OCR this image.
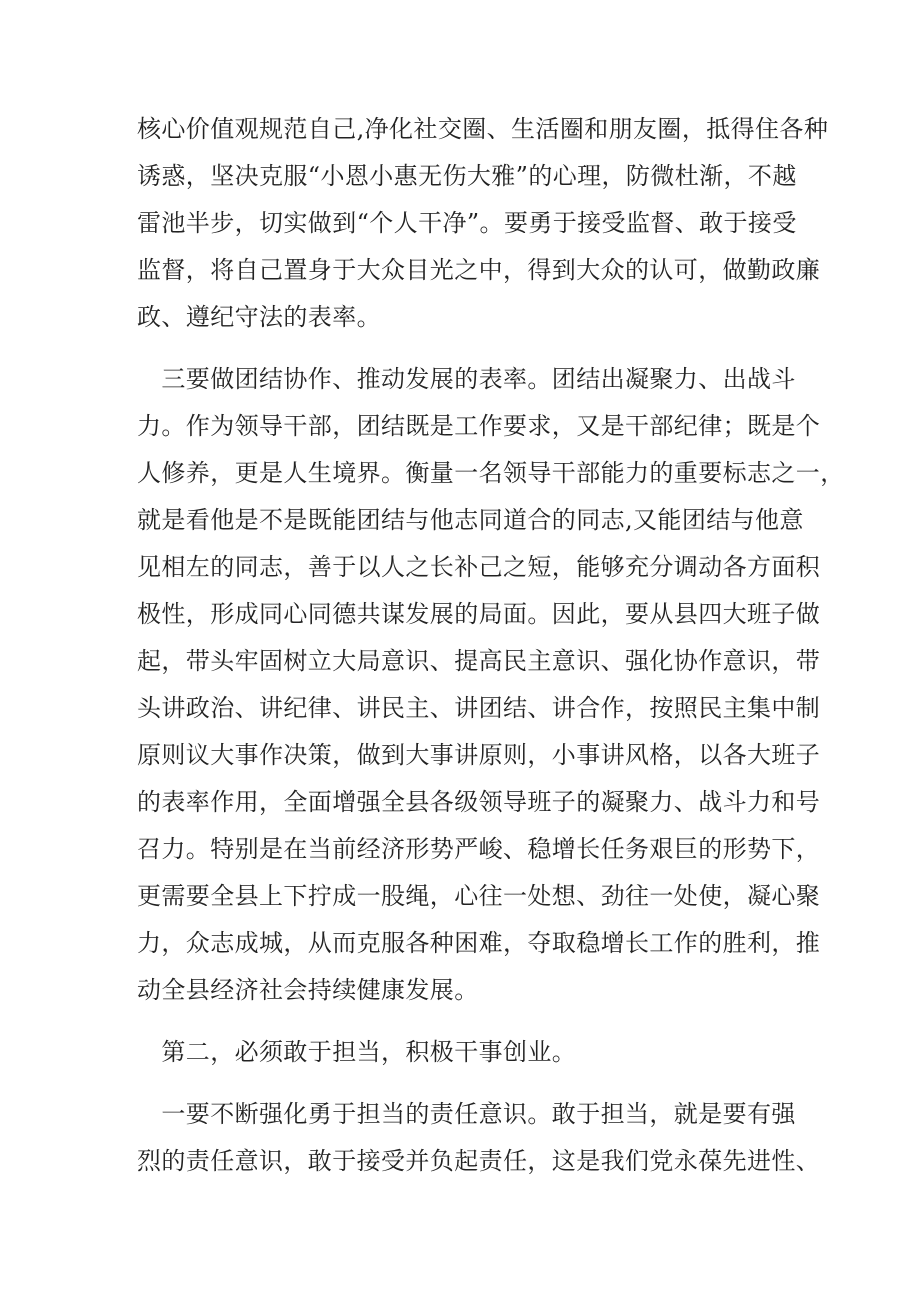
核心价值观规范自己,净化社交圈、生活圈和朋友圈，抵得住各种
诱惑，坚决克服“小恩小惠无伤大雅”的心理，防微杜渐，不越
雷池半步，切实做到“个人干净”。要勇于接受监督、敢于接受
监督，将自己置身于大众目光之中，得到大众的认可，做勤政廉
政、遵纪守法的表率。
　三要做团结协作、推动发展的表率。团结出凝聚力、出战斗
力。作为领导干部，团结既是工作要求，又是干部纪律；既是个
人修养，更是人生境界。衡量一名领导干部能力的重要标志之一，
就是看他是不是既能团结与他志同道合的同志,又能团结与他意
见相左的同志，善于以人之长补己之短，能够充分调动各方面积
极性，形成同心同德共谋发展的局面。因此，要从县四大班子做
起，带头牢固树立大局意识、提高民主意识、强化协作意识，带
头讲政治、讲纪律、讲民主、讲团结、讲合作，按照民主集中制
原则议大事作决策，做到大事讲原则，小事讲风格，以各大班子
的表率作用，全面增强全县各级领导班子的凝聚力、战斗力和号
召力。特别是在当前经济形势严峻、稳增长任务艰巨的形势下，
更需要全县上下拧成一股绳，心往一处想、劲往一处使，凝心聚
力，众志成城，从而克服各种困难，夺取稳增长工作的胜利，推
动全县经济社会持续健康发展。
　第二，必须敢于担当，积极干事创业。
　一要不断强化勇于担当的责任意识。敢于担当，就是要有强
烈的责任意识，敢于接受并负起责任，这是我们党永葆先进性、
